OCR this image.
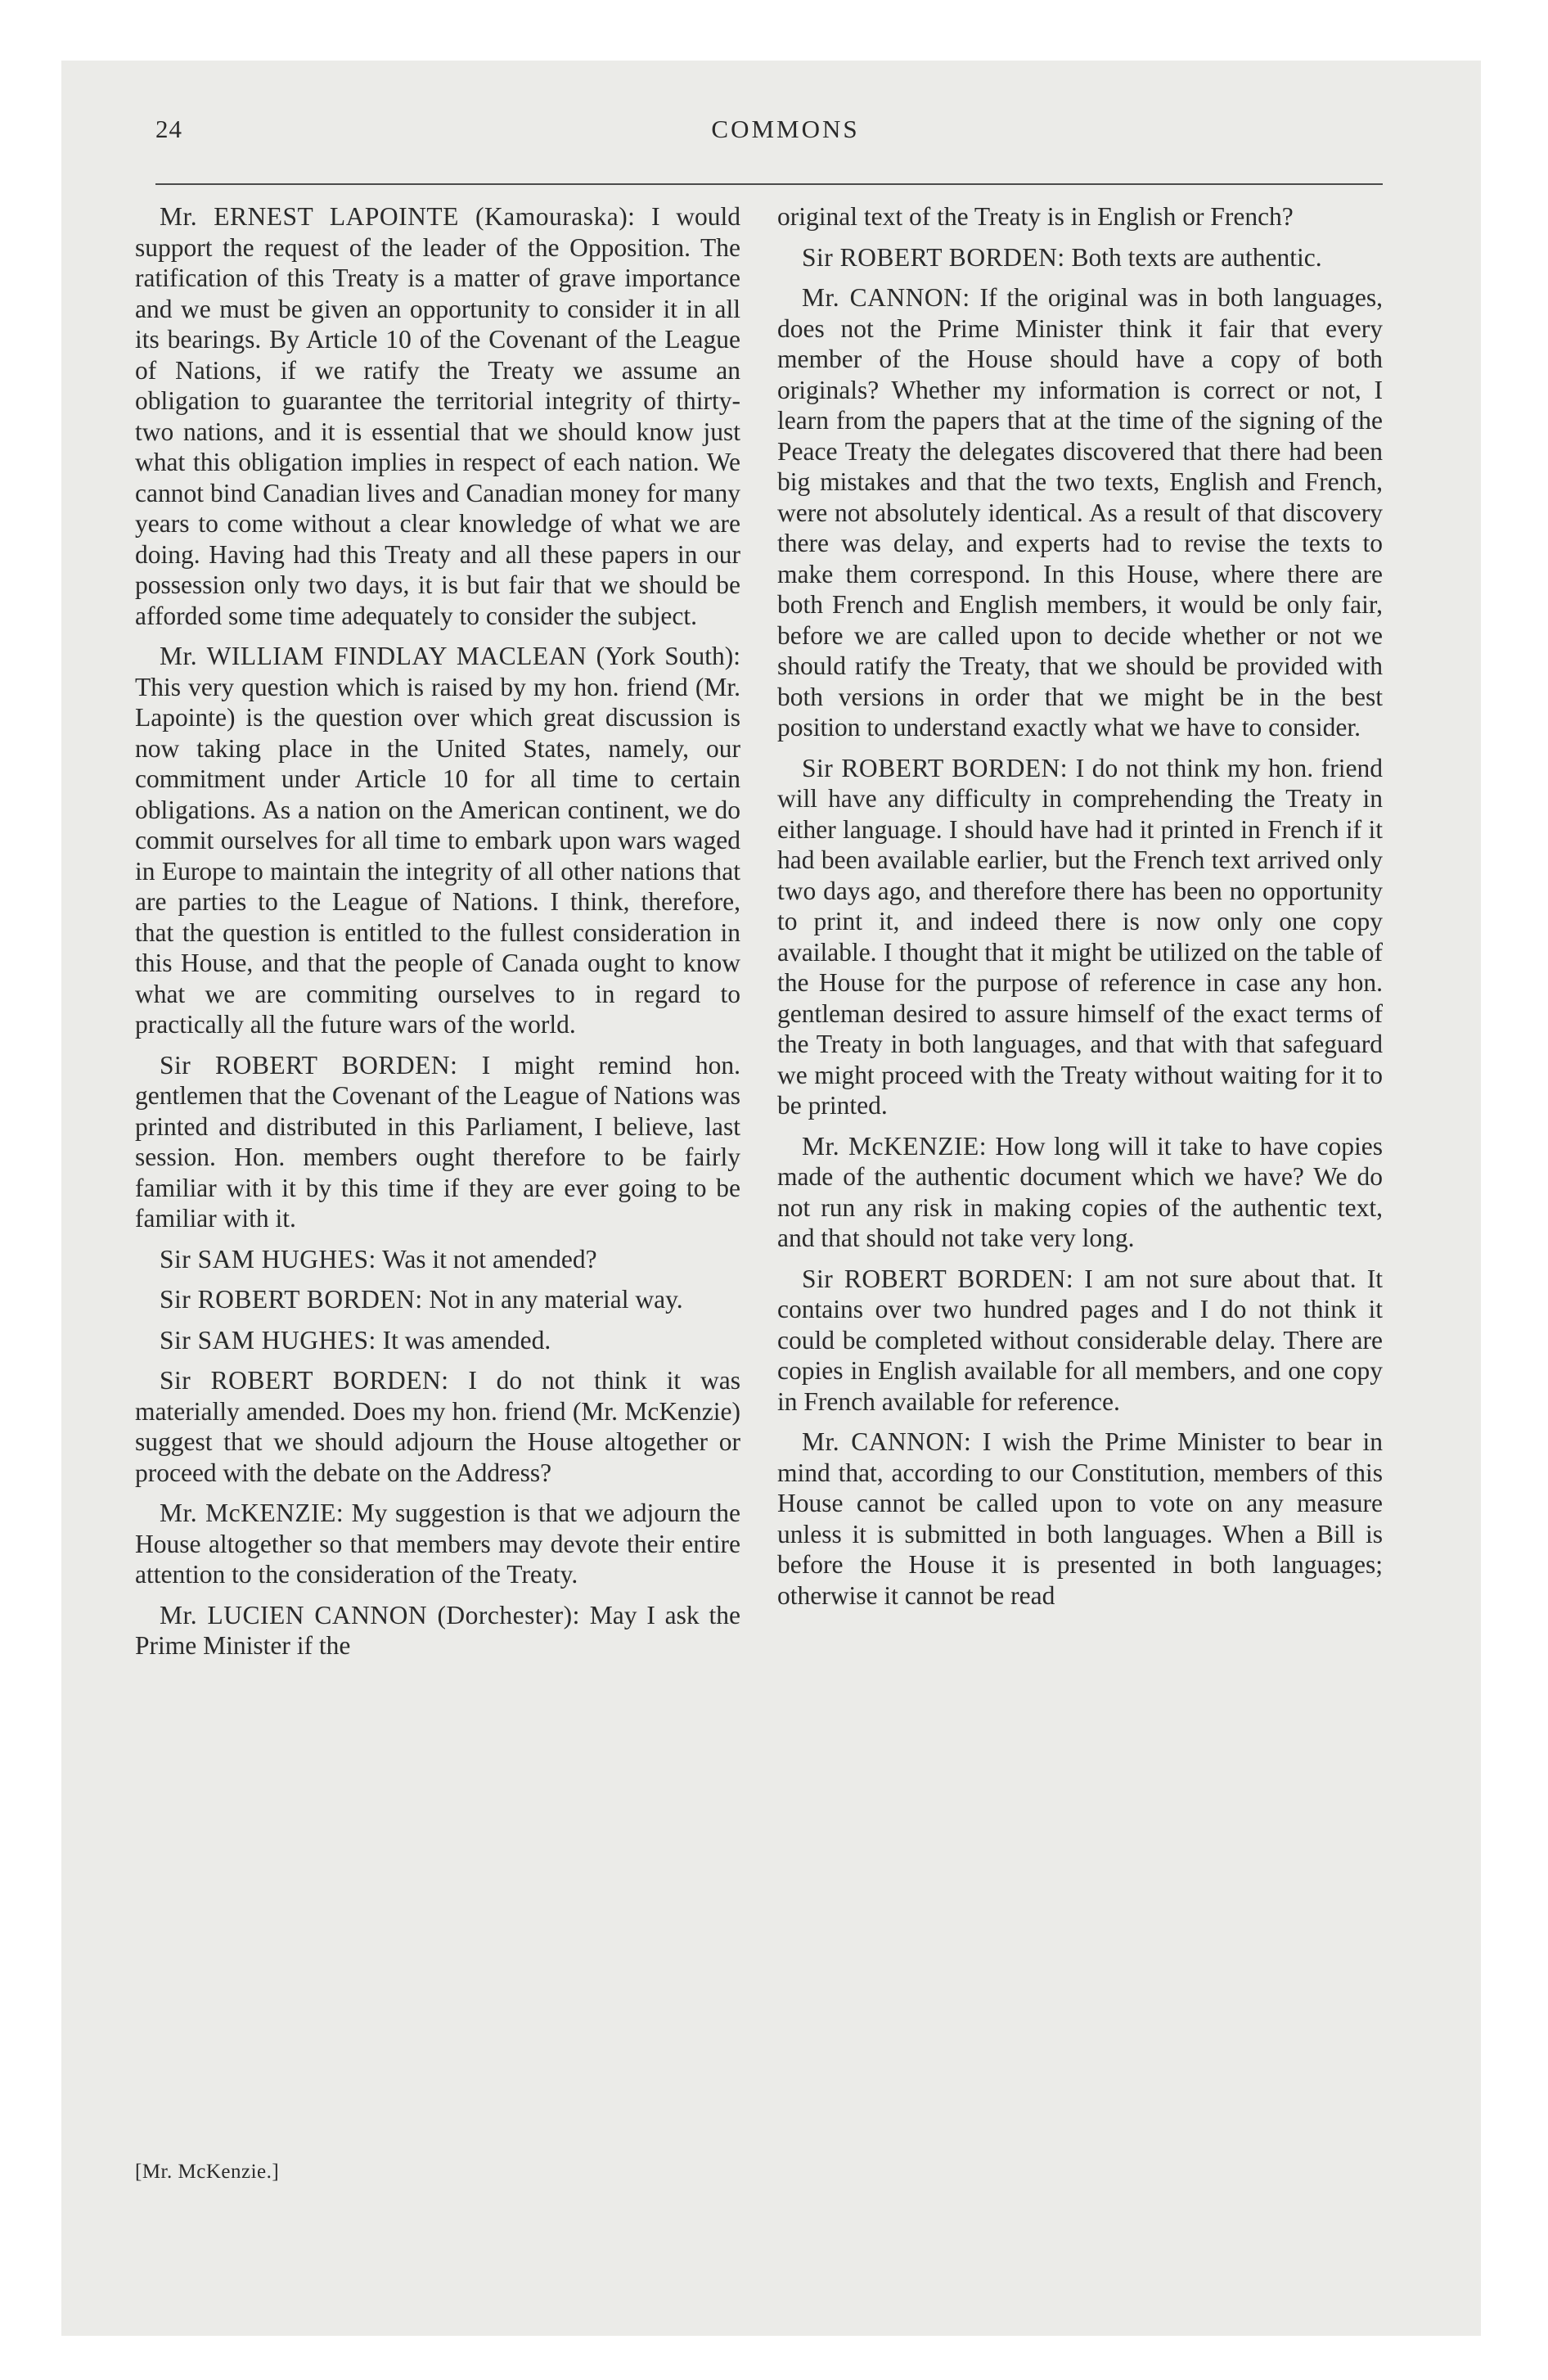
24	COMMONS

Mr. ERNEST LAPOINTE (Kamouraska): I would support the request of the leader of the Opposition. The ratification of this Treaty is a matter of grave importance and we must be given an opportunity to consider it in all its bearings. By Article 10 of the Covenant of the League of Nations, if we ratify the Treaty we assume an obligation to guarantee the territorial integrity of thirty-two nations, and it is essential that we should know just what this obligation implies in respect of each nation. We cannot bind Canadian lives and Canadian money for many years to come without a clear knowledge of what we are doing. Having had this Treaty and all these papers in our possession only two days, it is but fair that we should be afforded some time adequately to consider the subject.

Mr. WILLIAM FINDLAY MACLEAN (York South): This very question which is raised by my hon. friend (Mr. Lapointe) is the question over which great discussion is now taking place in the United States, namely, our commitment under Article 10 for all time to certain obligations. As a nation on the American continent, we do commit ourselves for all time to embark upon wars waged in Europe to maintain the integrity of all other nations that are parties to the League of Nations. I think, therefore, that the question is entitled to the fullest consideration in this House, and that the people of Canada ought to know what we are commiting ourselves to in regard to practically all the future wars of the world.

Sir ROBERT BORDEN: I might remind hon. gentlemen that the Covenant of the League of Nations was printed and distributed in this Parliament, I believe, last session. Hon. members ought therefore to be fairly familiar with it by this time if they are ever going to be familiar with it.

Sir SAM HUGHES: Was it not amended?

Sir ROBERT BORDEN: Not in any material way.

Sir SAM HUGHES: It was amended.

Sir ROBERT BORDEN: I do not think it was materially amended. Does my hon. friend (Mr. McKenzie) suggest that we should adjourn the House altogether or proceed with the debate on the Address?

Mr. McKENZIE: My suggestion is that we adjourn the House altogether so that members may devote their entire attention to the consideration of the Treaty.

Mr. LUCIEN CANNON (Dorchester): May I ask the Prime Minister if the

original text of the Treaty is in English or French?

Sir ROBERT BORDEN: Both texts are authentic.

Mr. CANNON: If the original was in both languages, does not the Prime Minister think it fair that every member of the House should have a copy of both originals? Whether my information is correct or not, I learn from the papers that at the time of the signing of the Peace Treaty the delegates discovered that there had been big mistakes and that the two texts, English and French, were not absolutely identical. As a result of that discovery there was delay, and experts had to revise the texts to make them correspond. In this House, where there are both French and English members, it would be only fair, before we are called upon to decide whether or not we should ratify the Treaty, that we should be provided with both versions in order that we might be in the best position to understand exactly what we have to consider.

Sir ROBERT BORDEN: I do not think my hon. friend will have any difficulty in comprehending the Treaty in either language. I should have had it printed in French if it had been available earlier, but the French text arrived only two days ago, and therefore there has been no opportunity to print it, and indeed there is now only one copy available. I thought that it might be utilized on the table of the House for the purpose of reference in case any hon. gentleman desired to assure himself of the exact terms of the Treaty in both languages, and that with that safeguard we might proceed with the Treaty without waiting for it to be printed.

Mr. McKENZIE: How long will it take to have copies made of the authentic document which we have? We do not run any risk in making copies of the authentic text, and that should not take very long.

Sir ROBERT BORDEN: I am not sure about that. It contains over two hundred pages and I do not think it could be completed without considerable delay. There are copies in English available for all members, and one copy in French available for reference.

Mr. CANNON: I wish the Prime Minister to bear in mind that, according to our Constitution, members of this House cannot be called upon to vote on any measure unless it is submitted in both languages. When a Bill is before the House it is presented in both languages; otherwise it cannot be read

[Mr. McKenzie.]
